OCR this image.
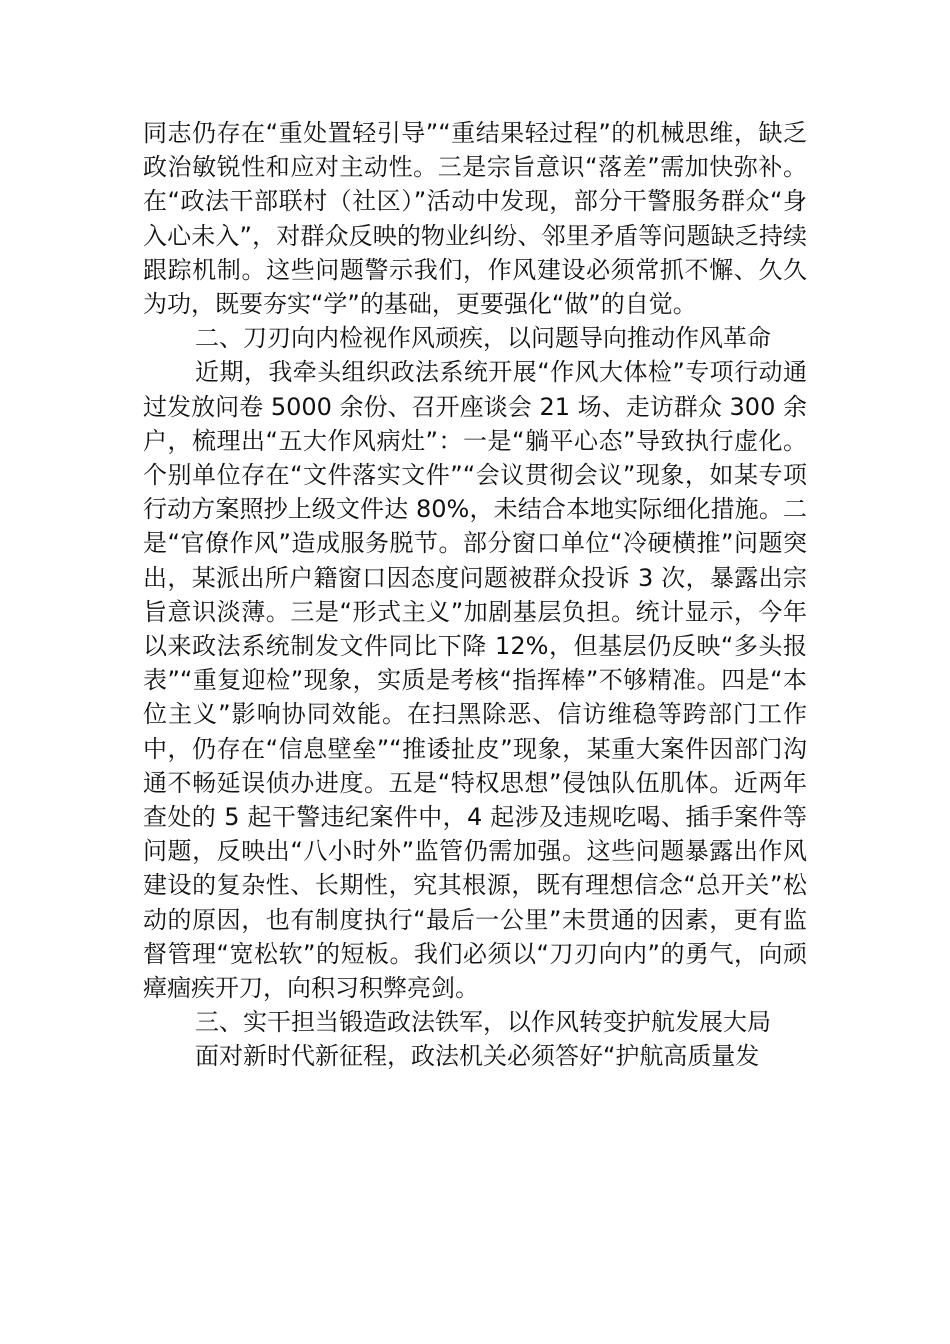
同志仍存在“重处置轻引导”“重结果轻过程”的机械思维，缺乏政治敏锐性和应对主动性。三是宗旨意识“落差”需加快弥补。在“政法干部联村（社区）”活动中发现，部分干警服务群众“身入心未入”，对群众反映的物业纠纷、邻里矛盾等问题缺乏持续跟踪机制。这些问题警示我们，作风建设必须常抓不懈、久久为功，既要夯实“学”的基础，更要强化“做”的自觉。

二、刀刃向内检视作风顽疾，以问题导向推动作风革命

近期，我牵头组织政法系统开展“作风大体检”专项行动通过发放问卷 5000 余份、召开座谈会 21 场、走访群众 300 余户，梳理出“五大作风病灶”：一是“躺平心态”导致执行虚化。个别单位存在“文件落实文件”“会议贯彻会议”现象，如某专项行动方案照抄上级文件达 80%，未结合本地实际细化措施。二是“官僚作风”造成服务脱节。部分窗口单位“冷硬横推”问题突出，某派出所户籍窗口因态度问题被群众投诉 3 次，暴露出宗旨意识淡薄。三是“形式主义”加剧基层负担。统计显示，今年以来政法系统制发文件同比下降 12%，但基层仍反映“多头报表”“重复迎检”现象，实质是考核“指挥棒”不够精准。四是“本位主义”影响协同效能。在扫黑除恶、信访维稳等跨部门工作中，仍存在“信息壁垒”“推诿扯皮”现象，某重大案件因部门沟通不畅延误侦办进度。五是“特权思想”侵蚀队伍肌体。近两年查处的 5 起干警违纪案件中，4 起涉及违规吃喝、插手案件等问题，反映出“八小时外”监管仍需加强。这些问题暴露出作风建设的复杂性、长期性，究其根源，既有理想信念“总开关”松动的原因，也有制度执行“最后一公里”未贯通的因素，更有监督管理“宽松软”的短板。我们必须以“刀刃向内”的勇气，向顽瘴痼疾开刀，向积习积弊亮剑。

三、实干担当锻造政法铁军，以作风转变护航发展大局

面对新时代新征程，政法机关必须答好“护航高质量发
